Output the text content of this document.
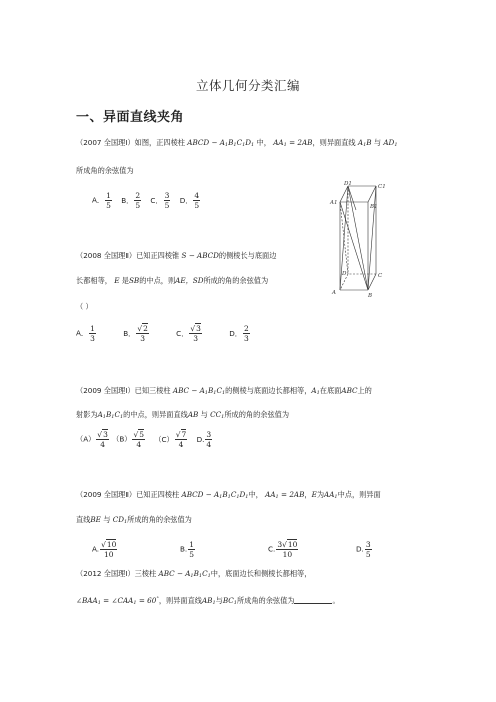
立体几何分类汇编
一、异面直线夹角
（2007 全国理Ⅰ）如图，正四棱柱 ABCD − $A_1B_1C_1D_1$ 中， $AA_1 = 2AB$，则异面直线 $A_1B$ 与 $AD_1$
所成角的余弦值为
A． $\frac{1}{5}$ B． $\frac{2}{5}$ C． $\frac{3}{5}$ D． $\frac{4}{5}$
D1	C1
A1
B1
D	C
A	B
（2008 全国理Ⅱ）已知正四棱锥 S − ABCD的侧棱长与底面边
长都相等， E 是SB的中点，则AE，SD所成的角的余弦值为
（ ）
A． $\frac{1}{3}$	B． $\frac{√2}{3}$	C． $\frac{√3}{3}$	D． $\frac{2}{3}$
（2009 全国理Ⅰ）已知三棱柱 ABC − $A_1B_1C_1$的侧棱与底面边长都相等，$A_1$在底面ABC上的
射影为$A_1B_1C_1$的中点，则异面直线AB 与 $CC_1$所成的角的余弦值为
$(A) \frac{√3}{4} (B) \frac{√5}{4} (C) \frac{√7}{4} D$. $\frac{3}{4}$
（2009 全国理Ⅱ）已知正四棱柱 ABCD − $A_1B_1C_1D_1$中， $AA_1 = 2AB$，E为$AA_1$中点，则异面
直线BE 与 $CD_1$所成的角的余弦值为
A. $\frac{√10}{10}$	B. $\frac{1}{5}$	C. $\frac{3√10}{10}$	D. $\frac{3}{5}$
（2012 全国理Ⅰ）三棱柱 ABC − $A_1B_1C_1$中，底面边长和侧棱长都相等，
$\angle BAA_1$ = $\angle CAA_1 = 60^\circ$，则异面直线$AB_1$与$BC_1$所成角的余弦值为	。
